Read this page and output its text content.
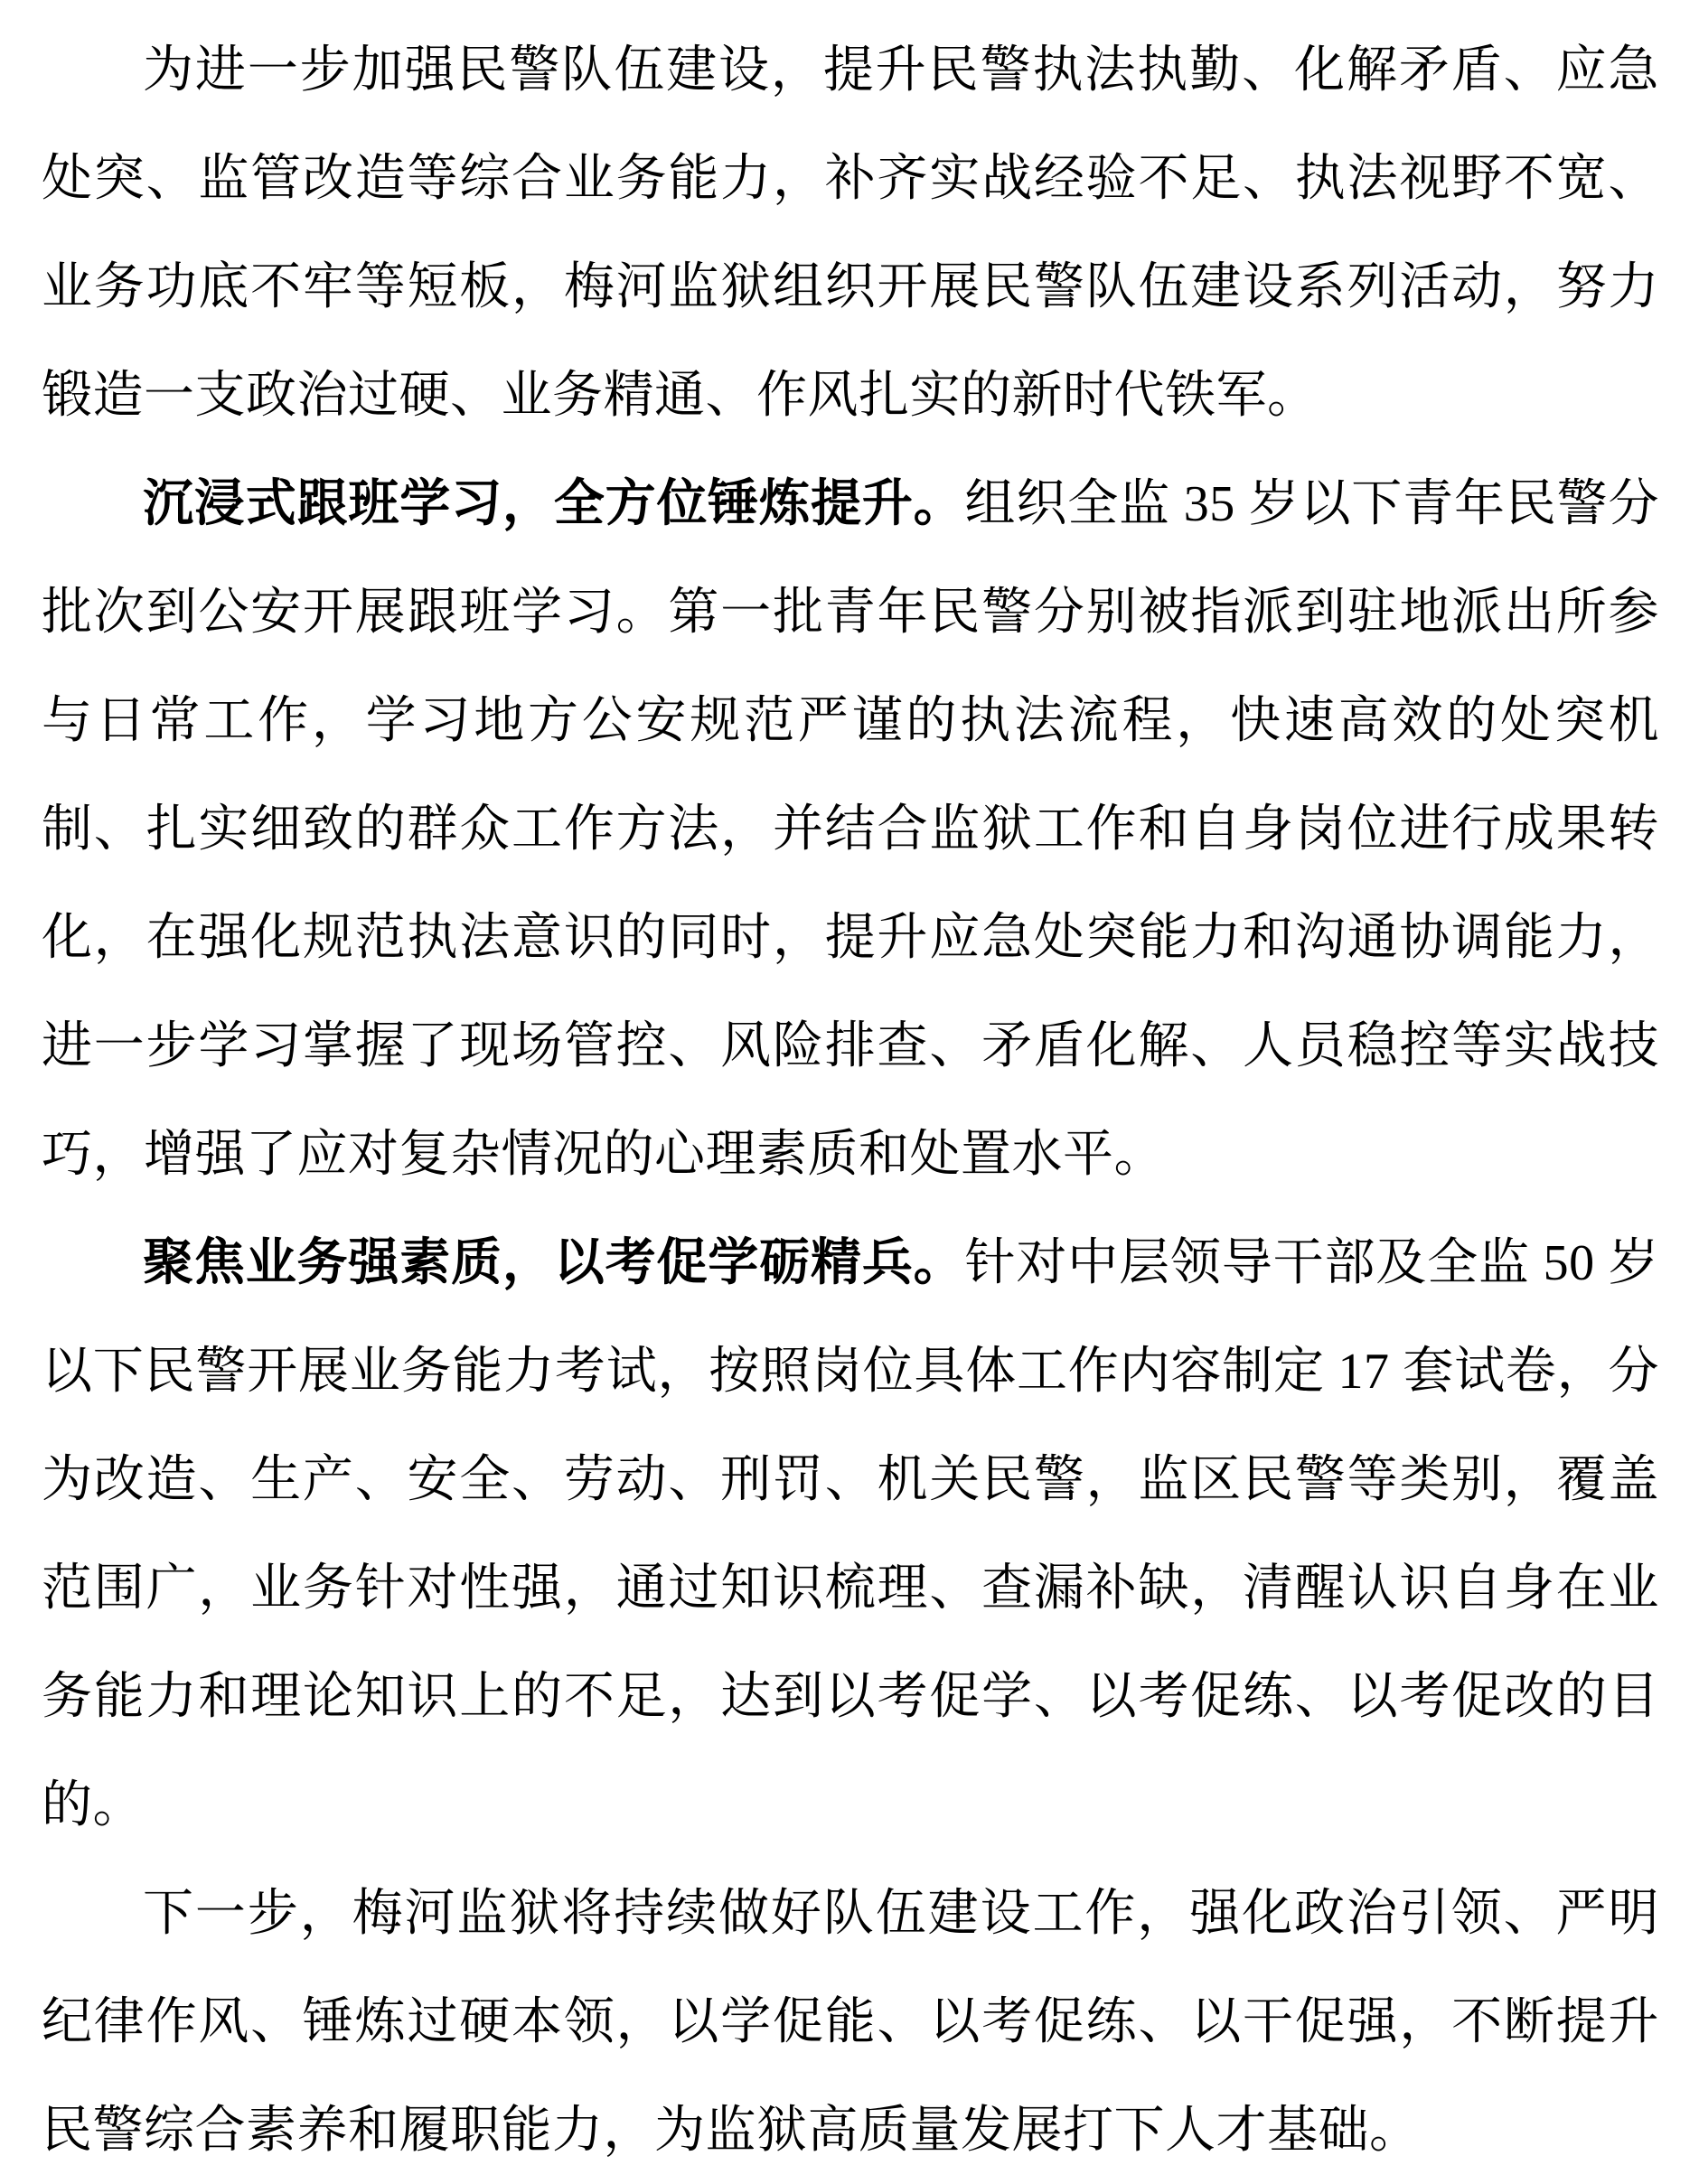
为进一步加强民警队伍建设，提升民警执法执勤、化解矛盾、应急处突、监管改造等综合业务能力，补齐实战经验不足、执法视野不宽、业务功底不牢等短板，梅河监狱组织开展民警队伍建设系列活动，努力锻造一支政治过硬、业务精通、作风扎实的新时代铁军。

沉浸式跟班学习，全方位锤炼提升。组织全监 35 岁以下青年民警分批次到公安开展跟班学习。第一批青年民警分别被指派到驻地派出所参与日常工作，学习地方公安规范严谨的执法流程，快速高效的处突机制、扎实细致的群众工作方法，并结合监狱工作和自身岗位进行成果转化，在强化规范执法意识的同时，提升应急处突能力和沟通协调能力，进一步学习掌握了现场管控、风险排查、矛盾化解、人员稳控等实战技巧，增强了应对复杂情况的心理素质和处置水平。

聚焦业务强素质，以考促学砺精兵。针对中层领导干部及全监 50 岁以下民警开展业务能力考试，按照岗位具体工作内容制定 17 套试卷，分为改造、生产、安全、劳动、刑罚、机关民警，监区民警等类别，覆盖范围广，业务针对性强，通过知识梳理、查漏补缺，清醒认识自身在业务能力和理论知识上的不足，达到以考促学、以考促练、以考促改的目的。

下一步，梅河监狱将持续做好队伍建设工作，强化政治引领、严明纪律作风、锤炼过硬本领，以学促能、以考促练、以干促强，不断提升民警综合素养和履职能力，为监狱高质量发展打下人才基础。
